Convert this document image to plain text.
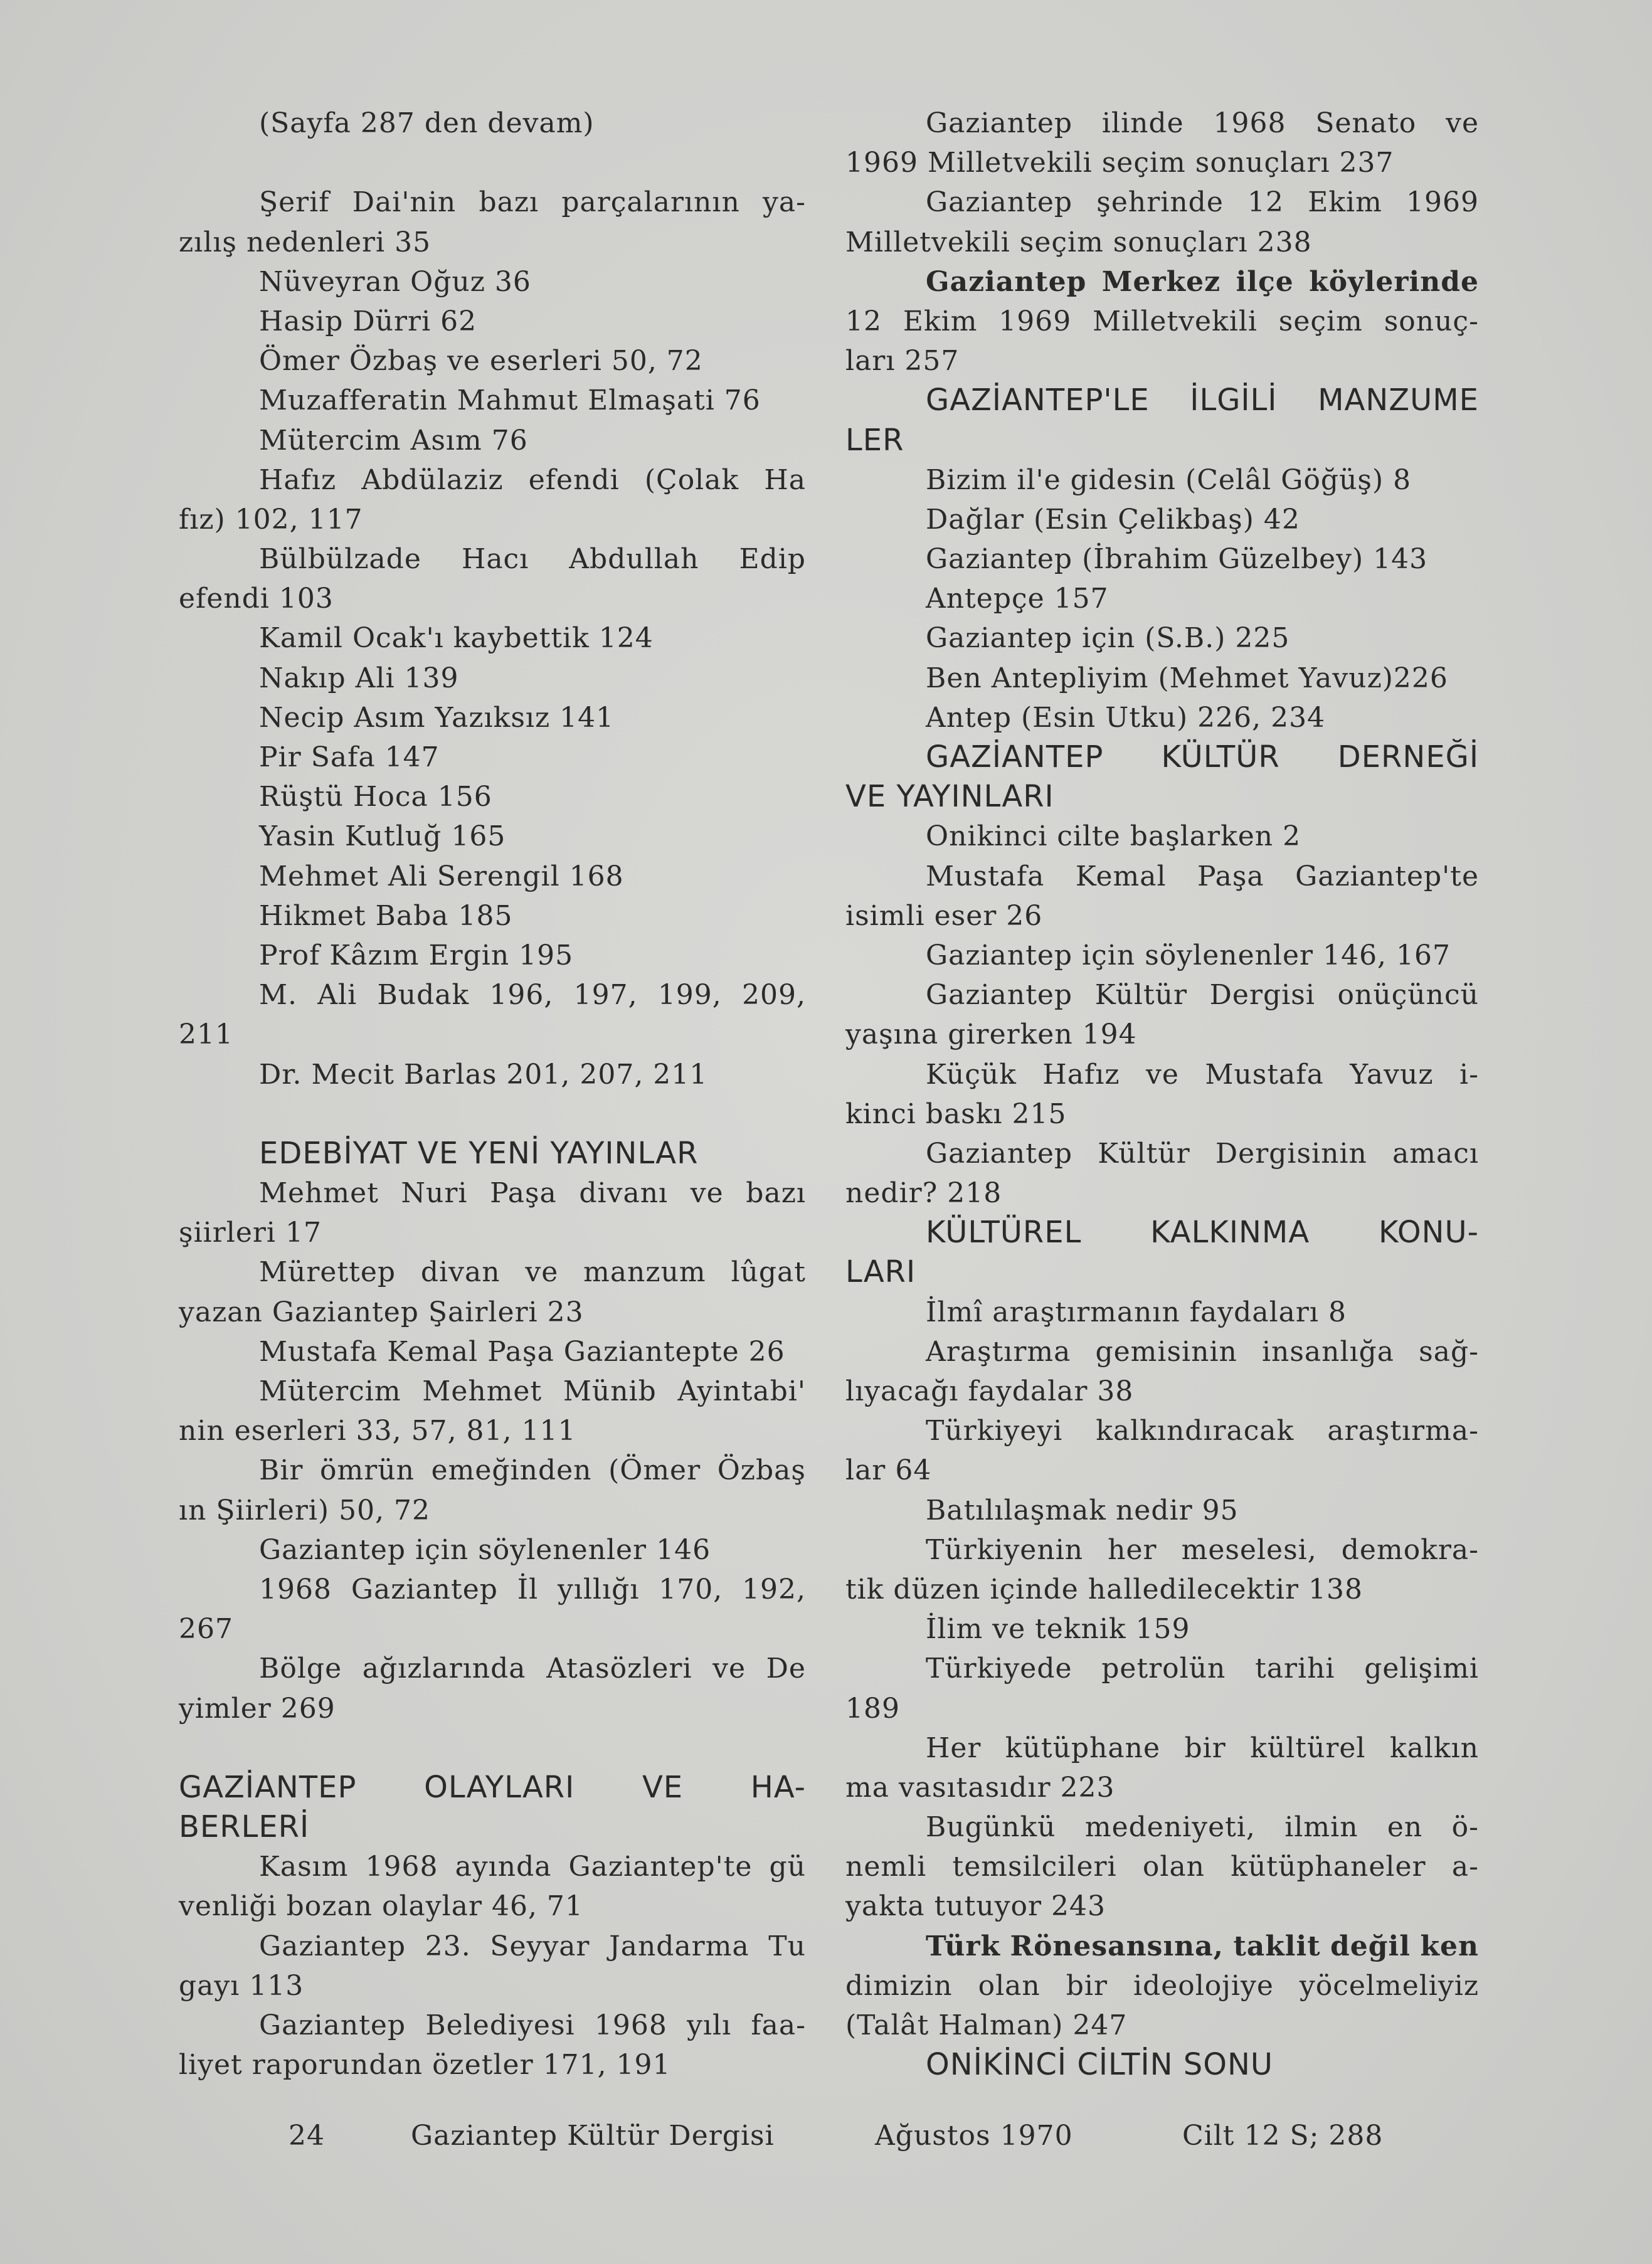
(Sayfa 287 den devam)
Şerif Dai'nin bazı parçalarının ya-
zılış nedenleri 35
Nüveyran Oğuz 36
Hasip Dürri 62
Ömer Özbaş ve eserleri 50, 72
Muzafferatin Mahmut Elmaşati 76
Mütercim Asım 76
Hafız Abdülaziz efendi (Çolak Ha
fız) 102, 117
Bülbülzade Hacı Abdullah Edip
efendi 103
Kamil Ocak'ı kaybettik 124
Nakıp Ali 139
Necip Asım Yazıksız 141
Pir Safa 147
Rüştü Hoca 156
Yasin Kutluğ 165
Mehmet Ali Serengil 168
Hikmet Baba 185
Prof Kâzım Ergin 195
M. Ali Budak 196, 197, 199, 209,
211
Dr. Mecit Barlas 201, 207, 211
EDEBİYAT VE YENİ YAYINLAR
Mehmet Nuri Paşa divanı ve bazı
şiirleri 17
Mürettep divan ve manzum lûgat
yazan Gaziantep Şairleri 23
Mustafa Kemal Paşa Gaziantepte 26
Mütercim Mehmet Münib Ayintabi'
nin eserleri 33, 57, 81, 111
Bir ömrün emeğinden (Ömer Özbaş
ın Şiirleri) 50, 72
Gaziantep için söylenenler 146
1968 Gaziantep İl yıllığı 170, 192,
267
Bölge ağızlarında Atasözleri ve De
yimler 269
GAZİANTEP OLAYLARI VE HA-
BERLERİ
Kasım 1968 ayında Gaziantep'te gü
venliği bozan olaylar 46, 71
Gaziantep 23. Seyyar Jandarma Tu
gayı 113
Gaziantep Belediyesi 1968 yılı faa-
liyet raporundan özetler 171, 191
Gaziantep ilinde 1968 Senato ve
1969 Milletvekili seçim sonuçları 237
Gaziantep şehrinde 12 Ekim 1969
Milletvekili seçim sonuçları 238
Gaziantep Merkez ilçe köylerinde
12 Ekim 1969 Milletvekili seçim sonuç-
ları 257
GAZİANTEP'LE İLGİLİ MANZUME
LER
Bizim il'e gidesin (Celâl Göğüş) 8
Dağlar (Esin Çelikbaş) 42
Gaziantep (İbrahim Güzelbey) 143
Antepçe 157
Gaziantep için (S.B.) 225
Ben Antepliyim (Mehmet Yavuz)226
Antep (Esin Utku) 226, 234
GAZİANTEP KÜLTÜR DERNEĞİ
VE YAYINLARI
Onikinci cilte başlarken 2
Mustafa Kemal Paşa Gaziantep'te
isimli eser 26
Gaziantep için söylenenler 146, 167
Gaziantep Kültür Dergisi onüçüncü
yaşına girerken 194
Küçük Hafız ve Mustafa Yavuz i-
kinci baskı 215
Gaziantep Kültür Dergisinin amacı
nedir? 218
KÜLTÜREL KALKINMA KONU-
LARI
İlmî araştırmanın faydaları 8
Araştırma gemisinin insanlığa sağ-
lıyacağı faydalar 38
Türkiyeyi kalkındıracak araştırma-
lar 64
Batılılaşmak nedir 95
Türkiyenin her meselesi, demokra-
tik düzen içinde halledilecektir 138
İlim ve teknik 159
Türkiyede petrolün tarihi gelişimi
189
Her kütüphane bir kültürel kalkın
ma vasıtasıdır 223
Bugünkü medeniyeti, ilmin en ö-
nemli temsilcileri olan kütüphaneler a-
yakta tutuyor 243
Türk Rönesansına, taklit değil ken
dimizin olan bir ideolojiye yöcelmeliyiz
(Talât Halman) 247
ONİKİNCİ CİLTİN SONU
24	Gaziantep Kültür Dergisi	Ağustos 1970	Cilt 12 S; 288
